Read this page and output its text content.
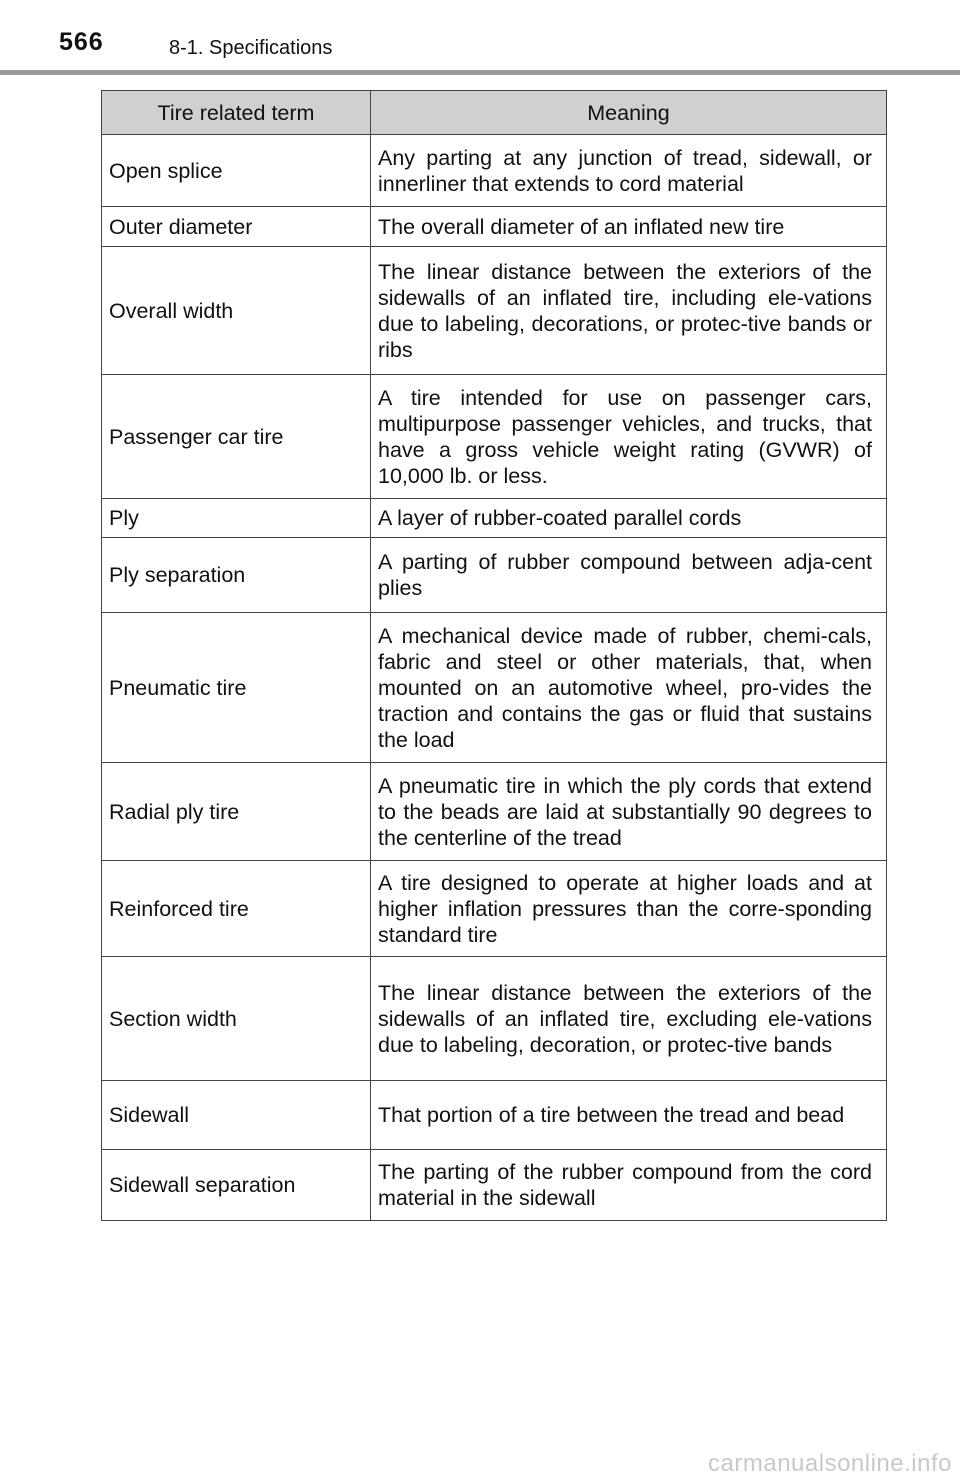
566	8-1. Specifications
Tire related term	Meaning
Open splice	Any parting at any junction of tread, sidewall, or innerliner that extends to cord material
Outer diameter	The overall diameter of an inflated new tire
Overall width	The linear distance between the exteriors of the sidewalls of an inflated tire, including ele-vations due to labeling, decorations, or protec-tive bands or ribs
Passenger car tire	A tire intended for use on passenger cars, multipurpose passenger vehicles, and trucks, that have a gross vehicle weight rating (GVWR) of 10,000 lb. or less.
Ply	A layer of rubber-coated parallel cords
Ply separation	A parting of rubber compound between adja-cent plies
Pneumatic tire	A mechanical device made of rubber, chemi-cals, fabric and steel or other materials, that, when mounted on an automotive wheel, pro-vides the traction and contains the gas or fluid that sustains the load
Radial ply tire	A pneumatic tire in which the ply cords that extend to the beads are laid at substantially 90 degrees to the centerline of the tread
Reinforced tire	A tire designed to operate at higher loads and at higher inflation pressures than the corre-sponding standard tire
Section width	The linear distance between the exteriors of the sidewalls of an inflated tire, excluding ele-vations due to labeling, decoration, or protec-tive bands
Sidewall	That portion of a tire between the tread and bead
Sidewall separation	The parting of the rubber compound from the cord material in the sidewall
carmanualsonline.info
